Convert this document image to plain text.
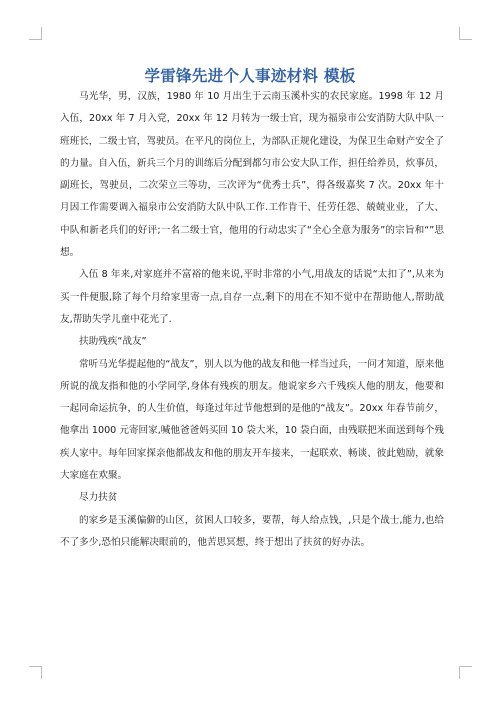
学雷锋先进个人事迹材料 模板

马光华，男，汉族，1980 年 10 月出生于云南玉溪朴实的农民家庭。1998 年 12 月入伍，20xx 年 7 月入党，20xx 年 12 月转为一级士官，现为福泉市公安消防大队中队一班班长，二级士官，驾驶员。在平凡的岗位上，为部队正规化建设，为保卫生命财产安全了的力量。自入伍，新兵三个月的训练后分配到都匀市公安大队工作，担任给养员，炊事员，副班长，驾驶员，二次荣立三等功，三次评为“优秀士兵”，得各级嘉奖 7 次。20xx 年十月因工作需要调入福泉市公安消防大队中队工作.工作肯干、任劳任怨、兢兢业业，了大、中队和新老兵们的好评;一名二级士官，他用的行动忠实了“全心全意为服务”的宗旨和“”思想。

入伍 8 年来,对家庭并不富裕的他来说,平时非常的小气,用战友的话说“太扣了”,从来为买一件便服,除了每个月给家里寄一点,自存一点,剩下的用在不知不觉中在帮助他人,帮助战友,帮助失学儿童中花光了.

扶助残疾“战友”

常听马光华提起他的“战友”，别人以为他的战友和他一样当过兵，一问才知道，原来他所说的战友指和他的小学同学,身体有残疾的朋友。他说家乡六千残疾人他的朋友，他要和一起同命运抗争，的人生价值，每逢过年过节他想到的是他的“战友”。20xx 年春节前夕，他拿出 1000 元寄回家,喊他爸爸妈买回 10 袋大米，10 袋白面，由残联把米面送到每个残疾人家中。每年回家探亲他都战友和他的朋友开车接来，一起联欢、畅谈、彼此勉励，就象大家庭在欢聚。

尽力扶贫

的家乡是玉溪偏僻的山区，贫困人口较多，要帮，每人给点钱，,只是个战士,能力,也给不了多少,恐怕只能解决眼前的，他苦思冥想，终于想出了扶贫的好办法。
